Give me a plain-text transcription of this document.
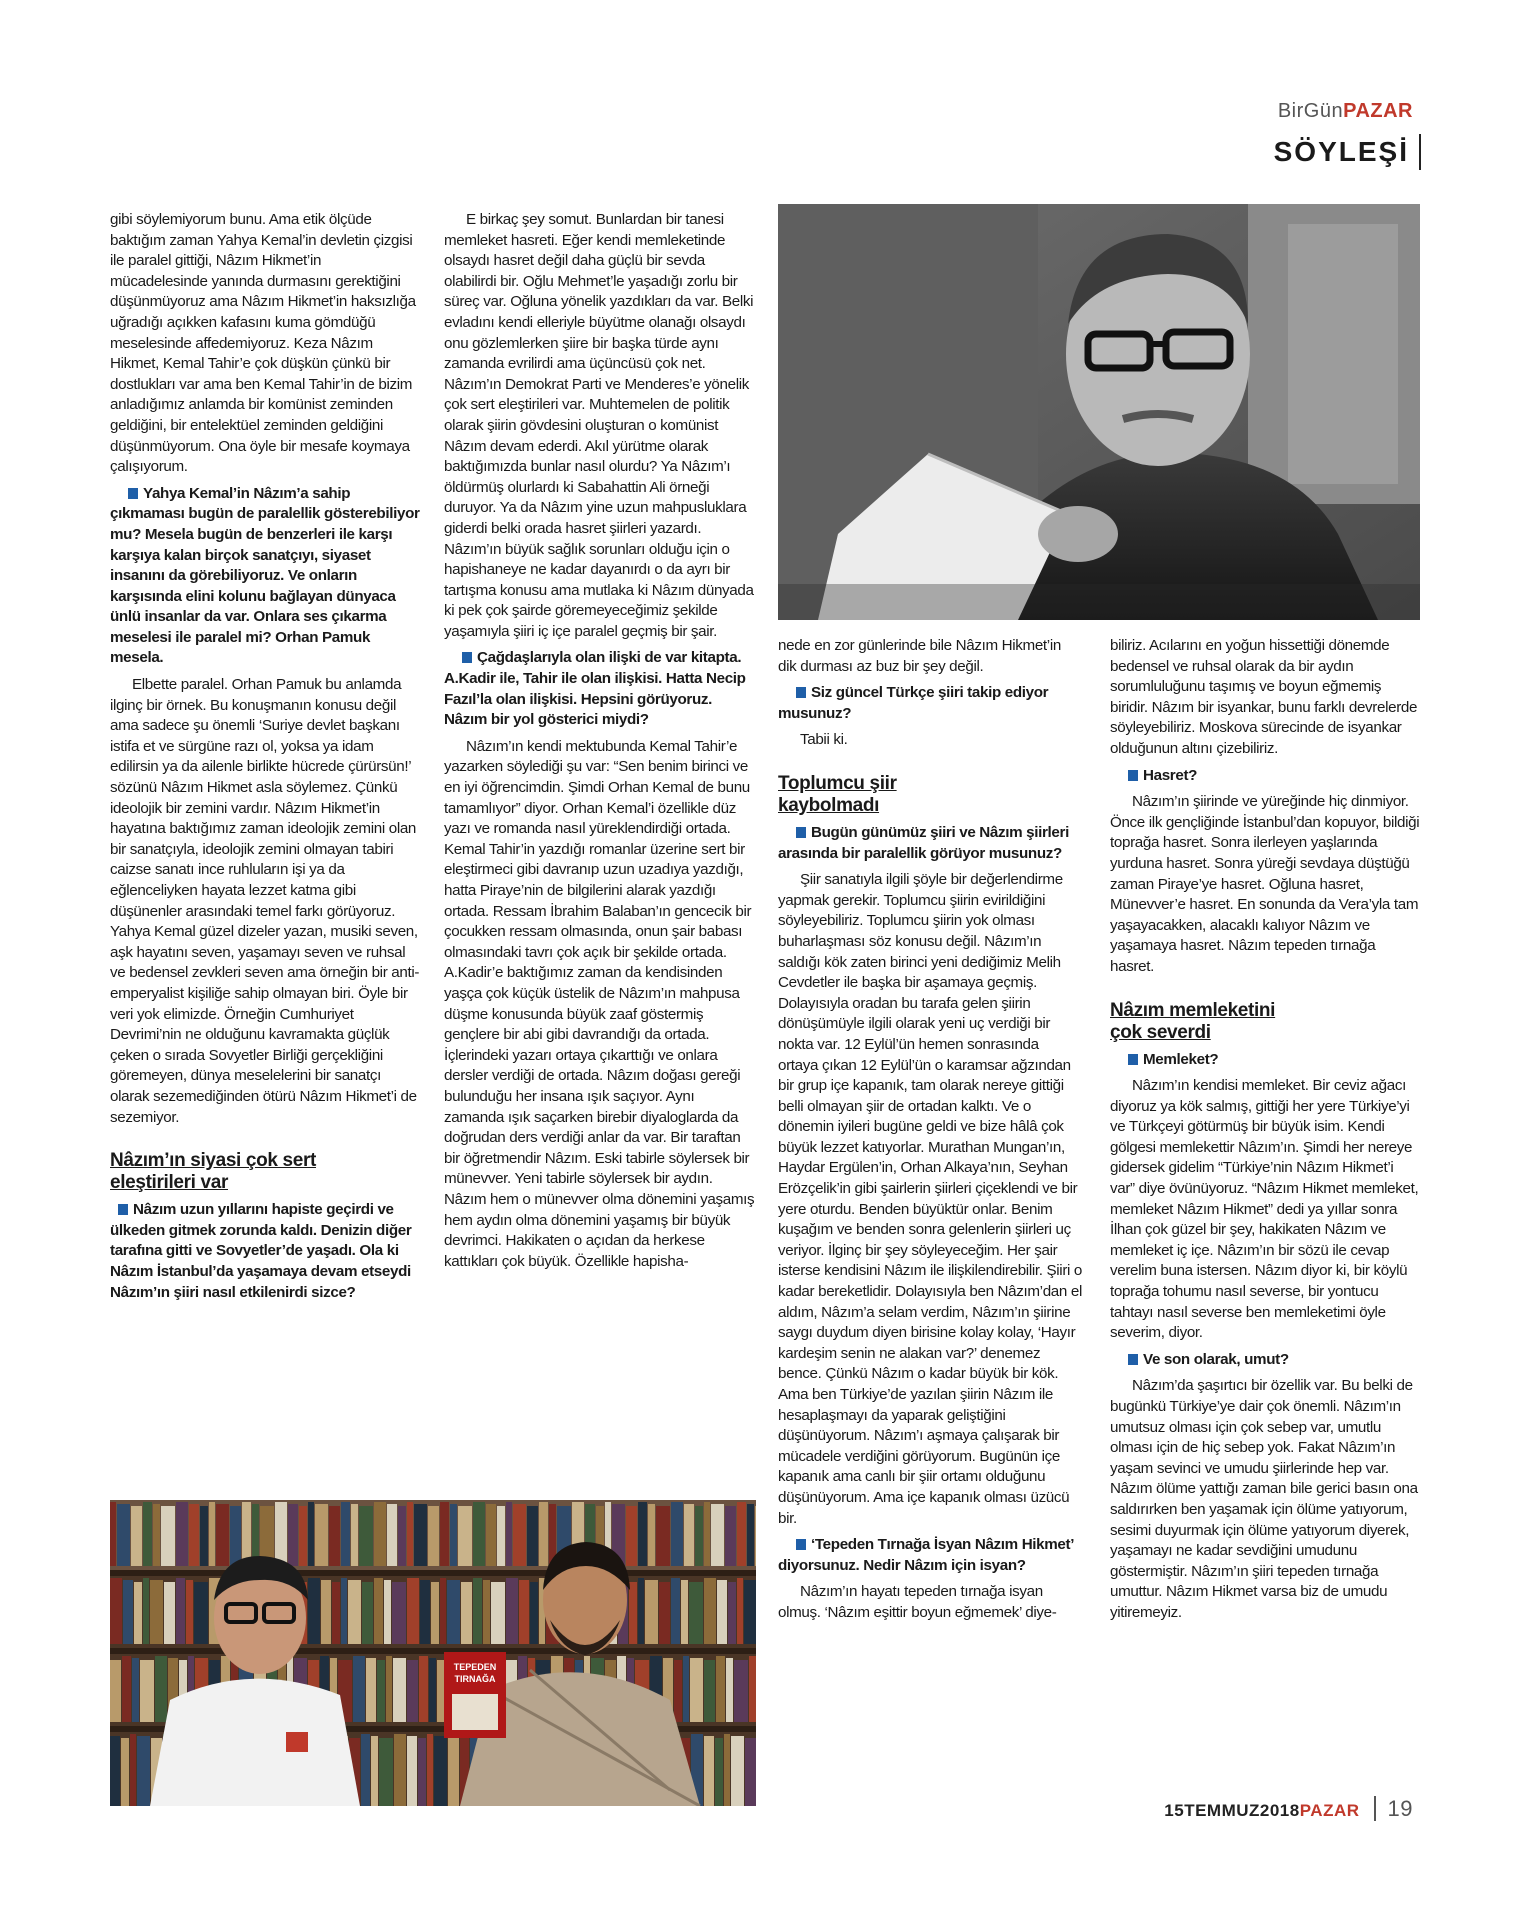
BirGünPAZAR
SÖYLEŞİ

gibi söylemiyorum bunu. Ama etik ölçüde baktığım zaman Yahya Kemal’in devletin çizgisi ile paralel gittiği, Nâzım Hikmet’in mücadelesinde yanında durmasını gerektiğini düşünmüyoruz ama Nâzım Hikmet’in haksızlığa uğradığı açıkken kafasını kuma gömdüğü meselesinde affedemiyoruz. Keza Nâzım Hikmet, Kemal Tahir’e çok düşkün çünkü bir dostlukları var ama ben Kemal Tahir’in de bizim anladığımız anlamda bir komünist zeminden geldiğini, bir entelektüel zeminden geldiğini düşünmüyorum. Ona öyle bir mesafe koymaya çalışıyorum.

Yahya Kemal’in Nâzım’a sahip çıkmaması bugün de paralellik gösterebiliyor mu? Mesela bugün de benzerleri ile karşı karşıya kalan birçok sanatçıyı, siyaset insanını da görebiliyoruz. Ve onların karşısında elini kolunu bağlayan dünyaca ünlü insanlar da var. Onlara ses çıkarma meselesi ile paralel mi? Orhan Pamuk mesela.

Elbette paralel. Orhan Pamuk bu anlamda ilginç bir örnek. Bu konuşmanın konusu değil ama sadece şu önemli ‘Suriye devlet başkanı istifa et ve sürgüne razı ol, yoksa ya idam edilirsin ya da ailenle birlikte hücrede çürürsün!’ sözünü Nâzım Hikmet asla söylemez. Çünkü ideolojik bir zemini vardır. Nâzım Hikmet’in hayatına baktığımız zaman ideolojik zemini olan bir sanatçıyla, ideolojik zemini olmayan tabiri caizse sanatı ince ruhluların işi ya da eğlenceliyken hayata lezzet katma gibi düşünenler arasındaki temel farkı görüyoruz. Yahya Kemal güzel dizeler yazan, musiki seven, aşk hayatını seven, yaşamayı seven ve ruhsal ve bedensel zevkleri seven ama örneğin bir anti-emperyalist kişiliğe sahip olmayan biri. Öyle bir veri yok elimizde. Örneğin Cumhuriyet Devrimi’nin ne olduğunu kavramakta güçlük çeken o sırada Sovyetler Birliği gerçekliğini göremeyen, dünya meselelerini bir sanatçı olarak sezemediğinden ötürü Nâzım Hikmet’i de sezemiyor.

Nâzım’ın siyasi çok sert eleştirileri var

Nâzım uzun yıllarını hapiste geçirdi ve ülkeden gitmek zorunda kaldı. Denizin diğer tarafına gitti ve Sovyetler’de yaşadı. Ola ki Nâzım İstanbul’da yaşamaya devam etseydi Nâzım’ın şiiri nasıl etkilenirdi sizce?

E birkaç şey somut. Bunlardan bir tanesi memleket hasreti. Eğer kendi memleketinde olsaydı hasret değil daha güçlü bir sevda olabilirdi bir. Oğlu Mehmet’le yaşadığı zorlu bir süreç var. Oğluna yönelik yazdıkları da var. Belki evladını kendi elleriyle büyütme olanağı olsaydı onu gözlemlerken şiire bir başka türde aynı zamanda evrilirdi ama üçüncüsü çok net. Nâzım’ın Demokrat Parti ve Menderes’e yönelik çok sert eleştirileri var. Muhtemelen de politik olarak şiirin gövdesini oluşturan o komünist Nâzım devam ederdi. Akıl yürütme olarak baktığımızda bunlar nasıl olurdu? Ya Nâzım’ı öldürmüş olurlardı ki Sabahattin Ali örneği duruyor. Ya da Nâzım yine uzun mahpusluklara giderdi belki orada hasret şiirleri yazardı. Nâzım’ın büyük sağlık sorunları olduğu için o hapishaneye ne kadar dayanırdı o da ayrı bir tartışma konusu ama mutlaka ki Nâzım dünyada ki pek çok şairde göremeyeceğimiz şekilde yaşamıyla şiiri iç içe paralel geçmiş bir şair.

Çağdaşlarıyla olan ilişki de var kitapta. A.Kadir ile, Tahir ile olan ilişkisi. Hatta Necip Fazıl’la olan ilişkisi. Hepsini görüyoruz. Nâzım bir yol gösterici miydi?

Nâzım’ın kendi mektubunda Kemal Tahir’e yazarken söylediği şu var: “Sen benim birinci ve en iyi öğrencimdin. Şimdi Orhan Kemal de bunu tamamlıyor” diyor. Orhan Kemal’i özellikle düz yazı ve romanda nasıl yüreklendirdiği ortada. Kemal Tahir’in yazdığı romanlar üzerine sert bir eleştirmeci gibi davranıp uzun uzadıya yazdığı, hatta Piraye’nin de bilgilerini alarak yazdığı ortada. Ressam İbrahim Balaban’ın gencecik bir çocukken ressam olmasında, onun şair babası olmasındaki tavrı çok açık bir şekilde ortada. A.Kadir’e baktığımız zaman da kendisinden yaşça çok küçük üstelik de Nâzım’ın mahpusa düşme konusunda büyük zaaf göstermiş gençlere bir abi gibi davrandığı da ortada. İçlerindeki yazarı ortaya çıkarttığı ve onlara dersler verdiği de ortada. Nâzım doğası gereği bulunduğu her insana ışık saçıyor. Aynı zamanda ışık saçarken birebir diyaloglarda da doğrudan ders verdiği anlar da var. Bir taraftan bir öğretmendir Nâzım. Eski tabirle söylersek bir münevver. Yeni tabirle söylersek bir aydın. Nâzım hem o münevver olma dönemini yaşamış hem aydın olma dönemini yaşamış bir büyük devrimci. Hakikaten o açıdan da herkese kattıkları çok büyük. Özellikle hapisha-

nede en zor günlerinde bile Nâzım Hikmet’in dik durması az buz bir şey değil.

Siz güncel Türkçe şiiri takip ediyor musunuz?

Tabii ki.

Toplumcu şiir kaybolmadı

Bugün günümüz şiiri ve Nâzım şiirleri arasında bir paralellik görüyor musunuz?

Şiir sanatıyla ilgili şöyle bir değerlendirme yapmak gerekir. Toplumcu şiirin evirildiğini söyleyebiliriz. Toplumcu şiirin yok olması buharlaşması söz konusu değil. Nâzım’ın saldığı kök zaten birinci yeni dediğimiz Melih Cevdetler ile başka bir aşamaya geçmiş. Dolayısıyla oradan bu tarafa gelen şiirin dönüşümüyle ilgili olarak yeni uç verdiği bir nokta var. 12 Eylül’ün hemen sonrasında ortaya çıkan 12 Eylül’ün o karamsar ağzından bir grup içe kapanık, tam olarak nereye gittiği belli olmayan şiir de ortadan kalktı. Ve o dönemin iyileri bugüne geldi ve bize hâlâ çok büyük lezzet katıyorlar. Murathan Mungan’ın, Haydar Ergülen’in, Orhan Alkaya’nın, Seyhan Erözçelik’in gibi şairlerin şiirleri çiçeklendi ve bir yere oturdu. Benden büyüktür onlar. Benim kuşağım ve benden sonra gelenlerin şiirleri uç veriyor. İlginç bir şey söyleyeceğim. Her şair isterse kendisini Nâzım ile ilişkilendirebilir. Şiiri o kadar bereketlidir. Dolayısıyla ben Nâzım’dan el aldım, Nâzım’a selam verdim, Nâzım’ın şiirine saygı duydum diyen birisine kolay kolay, ‘Hayır kardeşim senin ne alakan var?’ denemez bence. Çünkü Nâzım o kadar büyük bir kök. Ama ben Türkiye’de yazılan şiirin Nâzım ile hesaplaşmayı da yaparak geliştiğini düşünüyorum. Nâzım’ı aşmaya çalışarak bir mücadele verdiğini görüyorum. Bugünün içe kapanık ama canlı bir şiir ortamı olduğunu düşünüyorum. Ama içe kapanık olması üzücü bir.

‘Tepeden Tırnağa İsyan Nâzım Hikmet’ diyorsunuz. Nedir Nâzım için isyan?

Nâzım’ın hayatı tepeden tırnağa isyan olmuş. ‘Nâzım eşittir boyun eğmemek’ diye-

biliriz. Acılarını en yoğun hissettiği dönemde bedensel ve ruhsal olarak da bir aydın sorumluluğunu taşımış ve boyun eğmemiş biridir. Nâzım bir isyankar, bunu farklı devrelerde söyleyebiliriz. Moskova sürecinde de isyankar olduğunun altını çizebiliriz.

Hasret?

Nâzım’ın şiirinde ve yüreğinde hiç dinmiyor. Önce ilk gençliğinde İstanbul’dan kopuyor, bildiği toprağa hasret. Sonra ilerleyen yaşlarında yurduna hasret. Sonra yüreği sevdaya düştüğü zaman Piraye’ye hasret. Oğluna hasret, Münevver’e hasret. En sonunda da Vera’yla tam yaşayacakken, alacaklı kalıyor Nâzım ve yaşamaya hasret. Nâzım tepeden tırnağa hasret.

Nâzım memleketini çok severdi

Memleket?

Nâzım’ın kendisi memleket. Bir ceviz ağacı diyoruz ya kök salmış, gittiği her yere Türkiye’yi ve Türkçeyi götürmüş bir büyük isim. Kendi gölgesi memlekettir Nâzım’ın. Şimdi her nereye gidersek gidelim “Türkiye’nin Nâzım Hikmet’i var” diye övünüyoruz. “Nâzım Hikmet memleket, memleket Nâzım Hikmet” dedi ya yıllar sonra İlhan çok güzel bir şey, hakikaten Nâzım ve memleket iç içe. Nâzım’ın bir sözü ile cevap verelim buna istersen. Nâzım diyor ki, bir köylü toprağa tohumu nasıl severse, bir yontucu tahtayı nasıl severse ben memleketimi öyle severim, diyor.

Ve son olarak, umut?

Nâzım’da şaşırtıcı bir özellik var. Bu belki de bugünkü Türkiye’ye dair çok önemli. Nâzım’ın umutsuz olması için çok sebep var, umutlu olması için de hiç sebep yok. Fakat Nâzım’ın yaşam sevinci ve umudu şiirlerinde hep var. Nâzım ölüme yattığı zaman bile gerici basın ona saldırırken ben yaşamak için ölüme yatıyorum, sesimi duyurmak için ölüme yatıyorum diyerek, yaşamayı ne kadar sevdiğini umudunu göstermiştir. Nâzım’ın şiiri tepeden tırnağa umuttur. Nâzım Hikmet varsa biz de umudu yitiremeyiz.

TEPEDEN
TIRNAĞA
15TEMMUZ2018PAZAR 19
